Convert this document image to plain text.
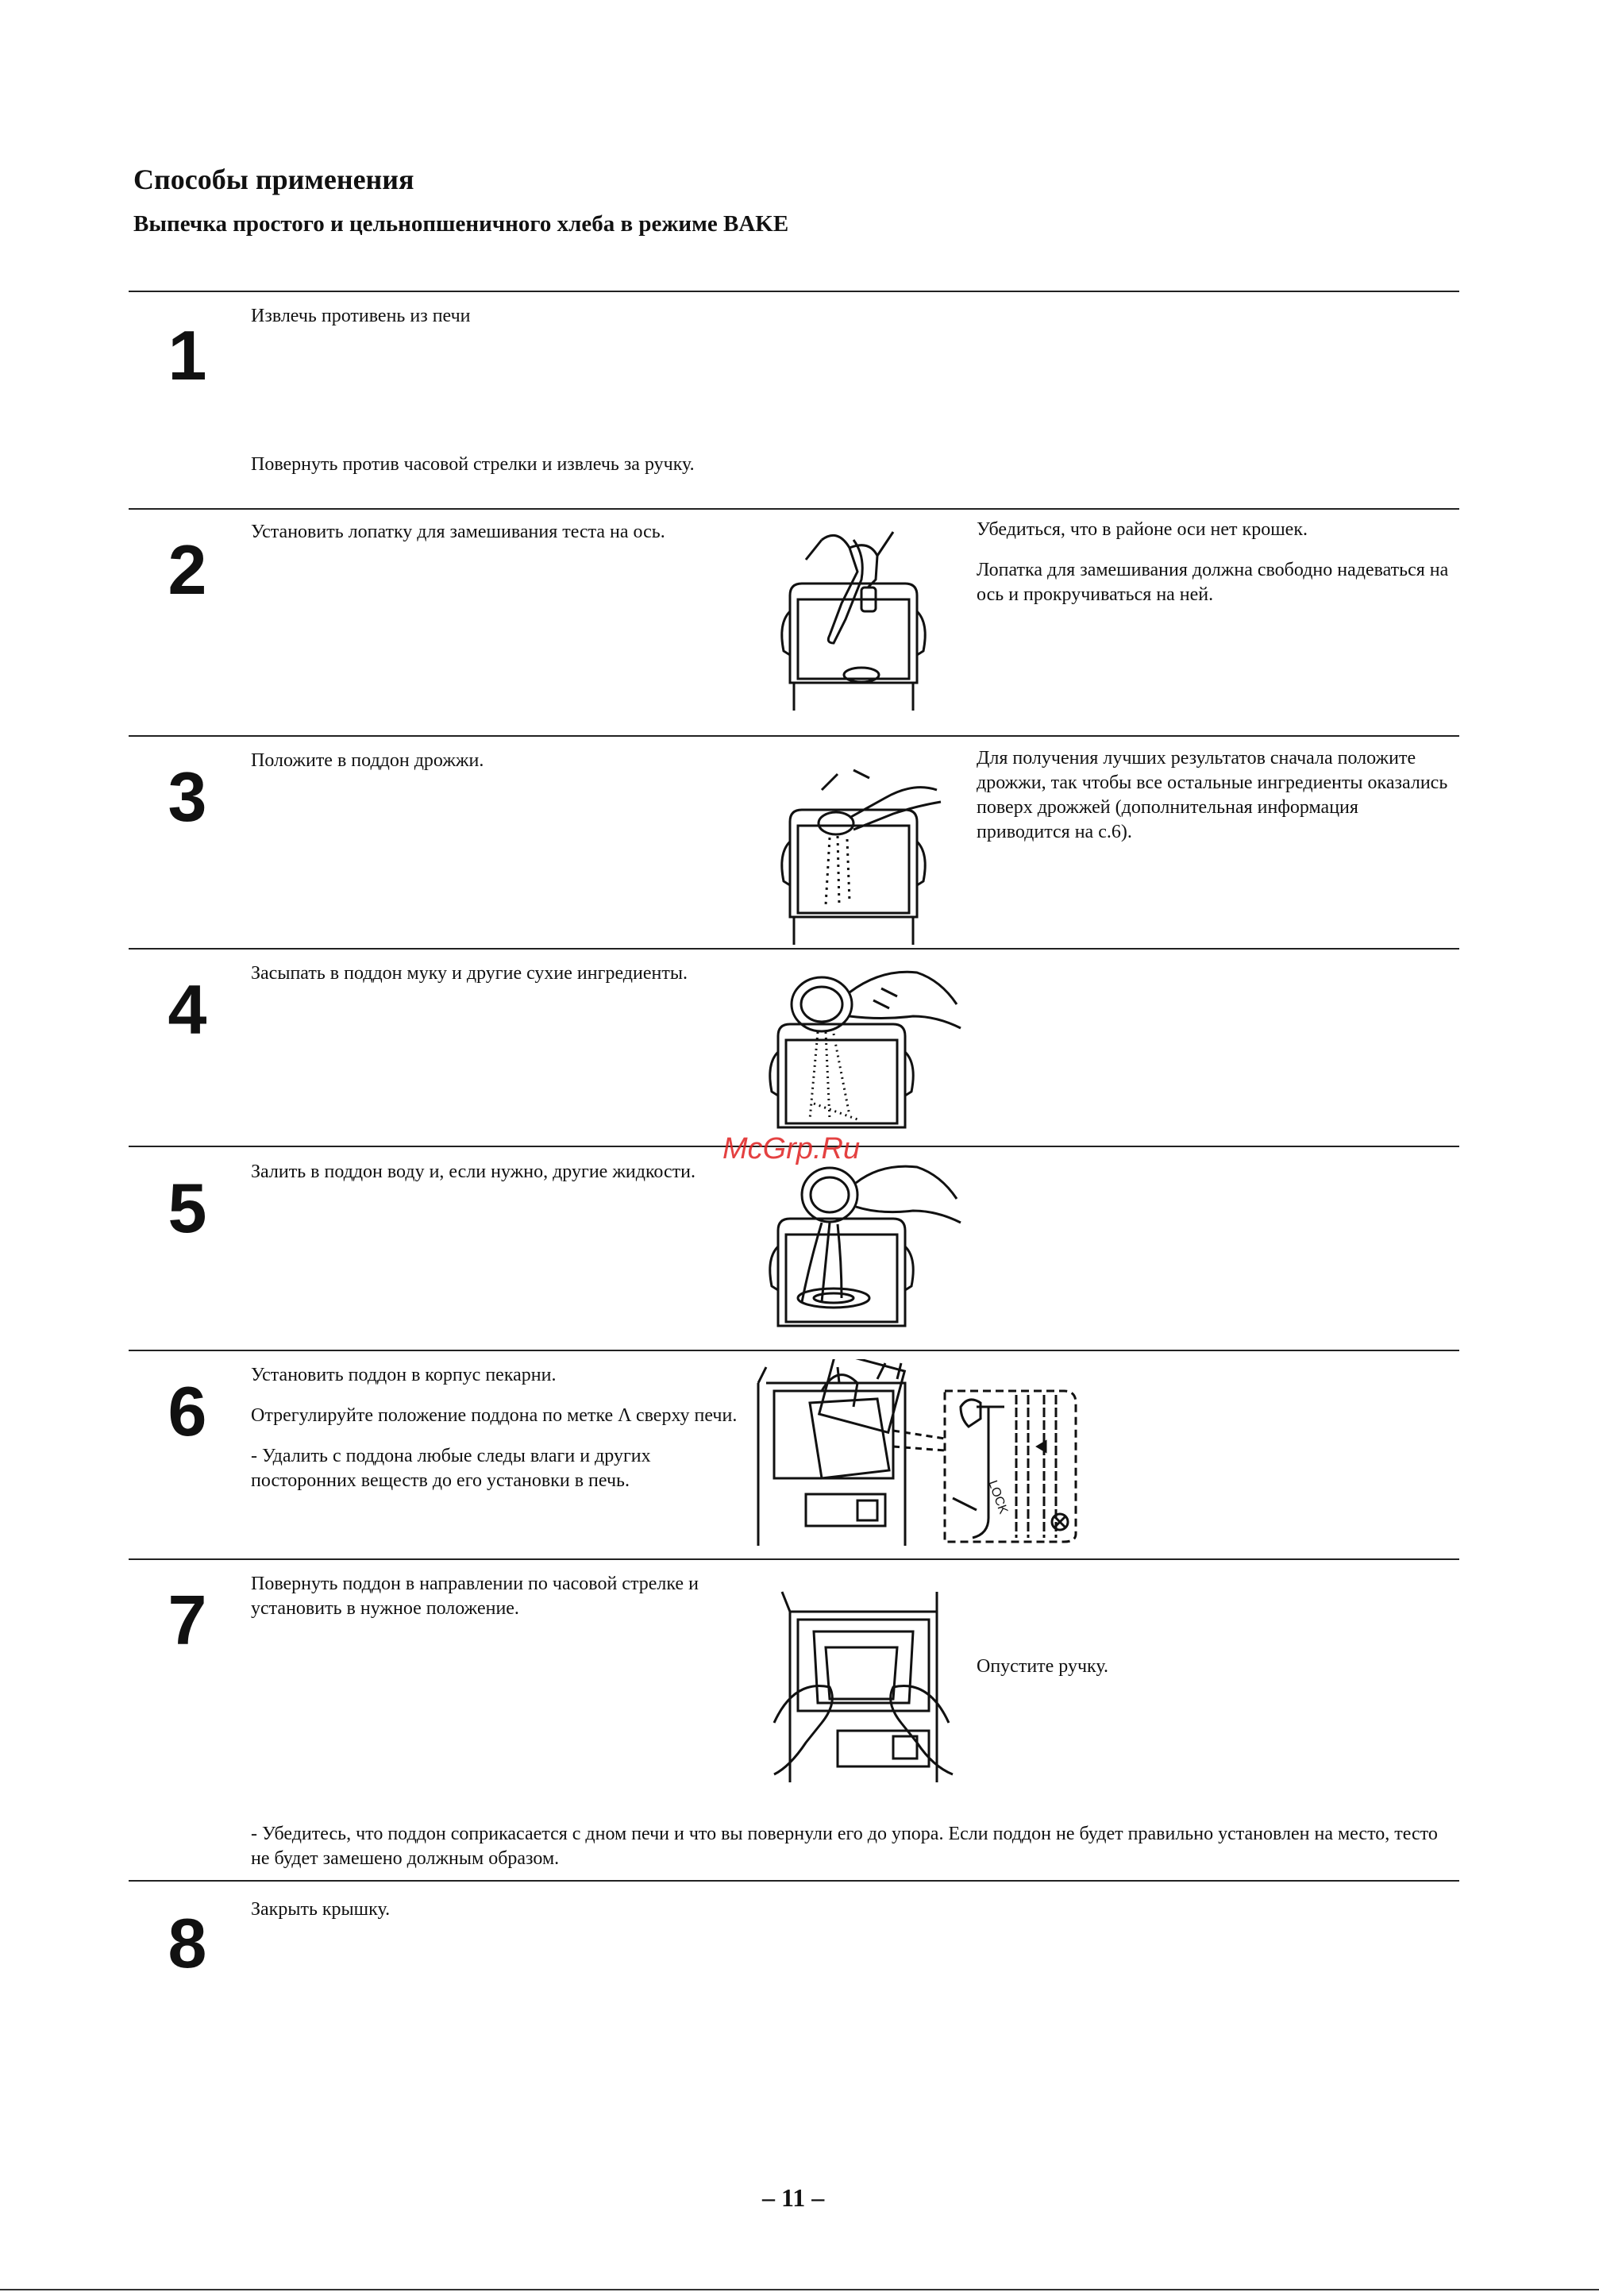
Способы применения
Выпечка простого и цельнопшеничного хлеба в режиме BAKE
1 Извлечь противень из печи

Повернуть против часовой стрелки и извлечь за ручку.
2 Установить лопатку для замешивания теста на ось.	Убедиться, что в районе оси нет крошек.

Лопатка для замешивания должна свободно надеваться на ось и прокручиваться на ней.

3 Положите в поддон дрожжи.	Для получения лучших результатов сначала положите дрожжи, так чтобы все остальные ингредиенты оказались поверх дрожжей (дополнительная информация приводится на с.6).

4 Засыпать в поддон муку и другие сухие ингредиенты.

5 Залить в поддон воду и, если нужно, другие жидкости.

McGrp.Ru
6 Установить поддон в корпус пекарни.

Отрегулируйте положение поддона по метке Λ сверху печи.

- Удалить с поддона любые следы влаги и других посторонних веществ до его установки в печь.	LOCK
7 Повернуть поддон в направлении по часовой стрелке и установить в нужное положение.

Опустите ручку.

- Убедитесь, что поддон соприкасается с дном печи и что вы повернули его до упора. Если поддон не будет правильно установлен на место, тесто не будет замешено должным образом.
8 Закрыть крышку.

– 11 –
